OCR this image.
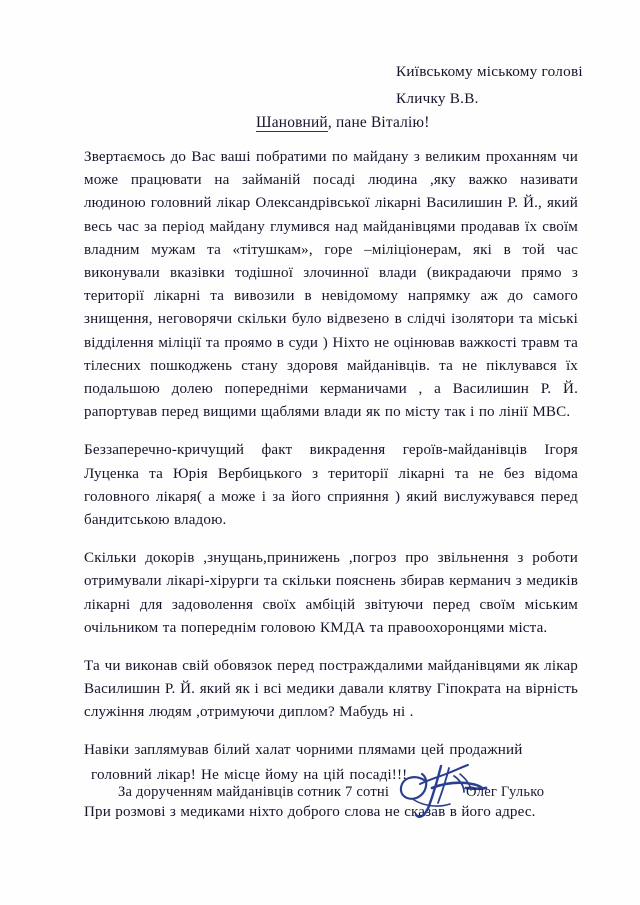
Київському міському голові
Кличку В.В.
Шановний, пане Віталію!

Звертаємось до Вас ваші побратими по майдану з великим проханням чи може працювати на займаній посаді людина ,яку важко називати людиною головний лікар Олександрівської лікарні Василишин Р. Й., який весь час за період майдану глумився над майданівцями продавав їх своїм владним мужам та «тітушкам», горе –міліціонерам, які в той час виконували вказівки тодішної злочинної влади (викрадаючи прямо з території лікарні та вивозили в невідомому напрямку аж до самого знищення, неговорячи скільки було відвезено в слідчі ізолятори та міські відділення міліції та проямо в суди ) Ніхто не оцінював важкості травм та тілесних пошкоджень стану здоровя майданівців. та не піклувався їх подальшою долею попередніми керманичами , а Василишин Р. Й. рапортував перед вищими щаблями влади як по місту так і по лінії МВС.

Беззаперечно-кричущий факт викрадення героїв-майданівців Ігоря Луценка та Юрія Вербицького з території лікарні та не без відома головного лікаря( а може і за його сприяння ) який вислужувався перед бандитською владою.

Скільки докорів ,знущань,принижень ,погроз про звільнення з роботи отримували лікарі-хірурги та скільки пояснень збирав керманич з медиків лікарні для задоволення своїх амбіцій звітуючи перед своїм міським очільником та попереднім головою КМДА та правоохоронцями міста.

Та чи виконав свій обовязок перед постраждалими майданівцями як лікар Василишин Р. Й. який як і всі медики давали клятву Гіпократа на вірність служіння людям ,отримуючи диплом? Мабудь ні .

Навіки заплямував білий халат чорними плямами цей продажний
головний лікар! Не місце йому на цій посаді!!!

При розмові з медиками ніхто доброго слова не сказав в його адрес.

За дорученням майданівців сотник 7 сотні	Олег Гулько
